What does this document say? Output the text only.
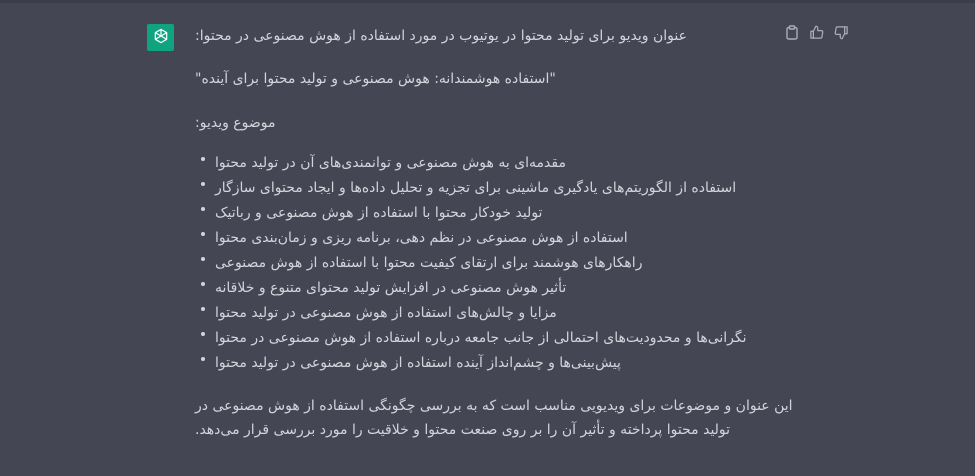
عنوان ویدیو برای تولید محتوا در یوتیوب در مورد استفاده از هوش مصنوعی در محتوا:
"استفاده هوشمندانه: هوش مصنوعی و تولید محتوا برای آینده"
موضوع ویدیو:
مقدمه‌ای به هوش مصنوعی و توانمندی‌های آن در تولید محتوا
استفاده از الگوریتم‌های یادگیری ماشینی برای تجزیه و تحلیل داده‌ها و ایجاد محتوای سازگار
تولید خودکار محتوا با استفاده از هوش مصنوعی و رباتیک
استفاده از هوش مصنوعی در نظم دهی، برنامه ریزی و زمان‌بندی محتوا
راهکارهای هوشمند برای ارتقای کیفیت محتوا با استفاده از هوش مصنوعی
تأثیر هوش مصنوعی در افزایش تولید محتوای متنوع و خلاقانه
مزایا و چالش‌های استفاده از هوش مصنوعی در تولید محتوا
نگرانی‌ها و محدودیت‌های احتمالی از جانب جامعه درباره استفاده از هوش مصنوعی در محتوا
پیش‌بینی‌ها و چشم‌انداز آینده استفاده از هوش مصنوعی در تولید محتوا
این عنوان و موضوعات برای ویدیویی مناسب است که به بررسی چگونگی استفاده از هوش مصنوعی در
تولید محتوا پرداخته و تأثیر آن را بر روی صنعت محتوا و خلاقیت را مورد بررسی قرار می‌دهد.
